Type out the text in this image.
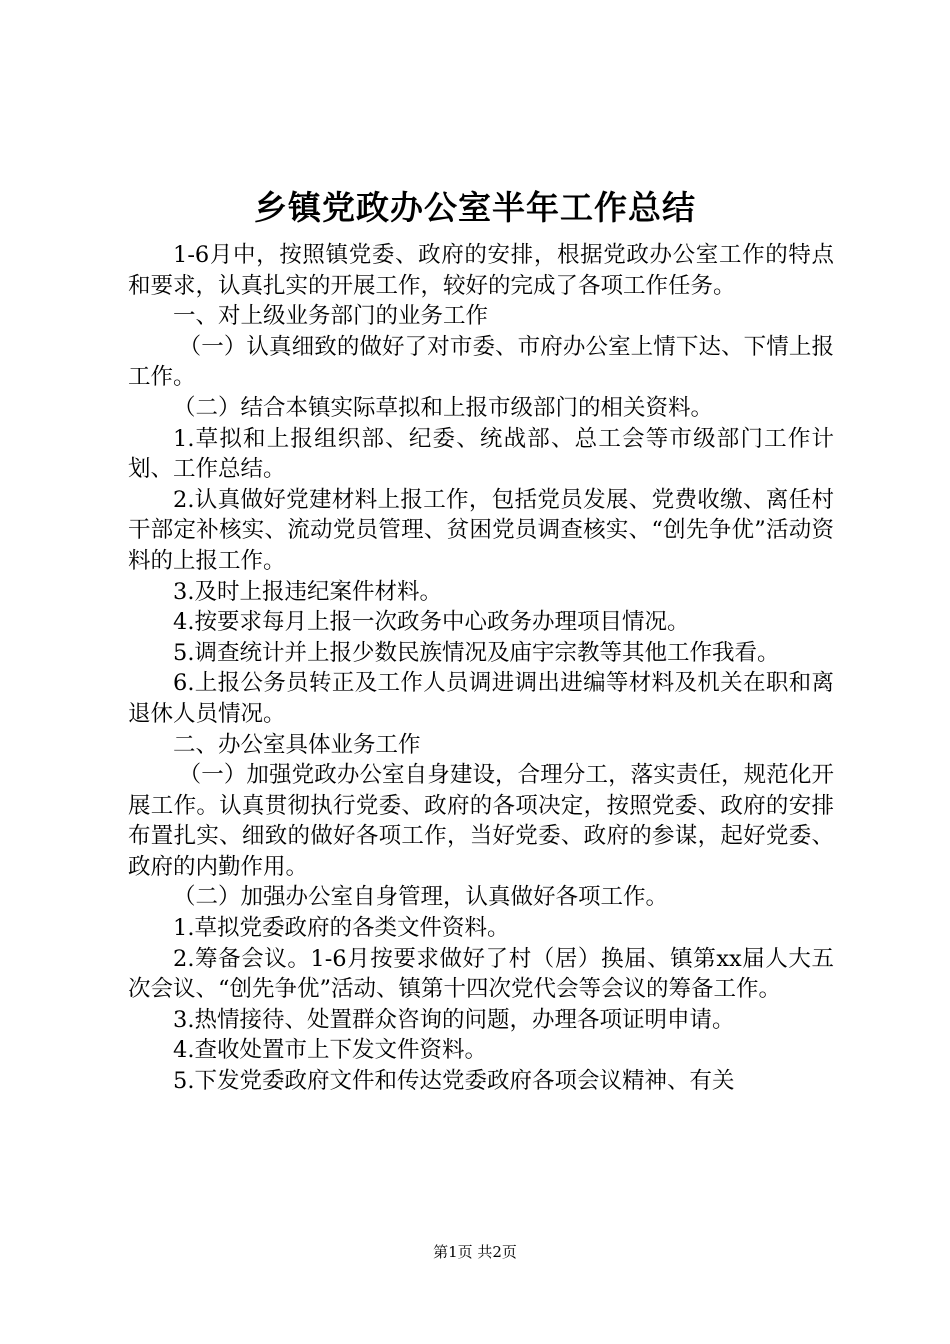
乡镇党政办公室半年工作总结

1-6月中，按照镇党委、政府的安排，根据党政办公室工作的特点和要求，认真扎实的开展工作，较好的完成了各项工作任务。

一、对上级业务部门的业务工作

（一）认真细致的做好了对市委、市府办公室上情下达、下情上报工作。

（二）结合本镇实际草拟和上报市级部门的相关资料。

1.草拟和上报组织部、纪委、统战部、总工会等市级部门工作计划、工作总结。

2.认真做好党建材料上报工作，包括党员发展、党费收缴、离任村干部定补核实、流动党员管理、贫困党员调查核实、“创先争优”活动资料的上报工作。

3.及时上报违纪案件材料。

4.按要求每月上报一次政务中心政务办理项目情况。

5.调查统计并上报少数民族情况及庙宇宗教等其他工作我看。

6.上报公务员转正及工作人员调进调出进编等材料及机关在职和离退休人员情况。

二、办公室具体业务工作

（一）加强党政办公室自身建设，合理分工，落实责任，规范化开展工作。认真贯彻执行党委、政府的各项决定，按照党委、政府的安排布置扎实、细致的做好各项工作，当好党委、政府的参谋，起好党委、政府的内勤作用。

（二）加强办公室自身管理，认真做好各项工作。

1.草拟党委政府的各类文件资料。

2.筹备会议。1-6月按要求做好了村（居）换届、镇第xx届人大五次会议、“创先争优”活动、镇第十四次党代会等会议的筹备工作。

3.热情接待、处置群众咨询的问题，办理各项证明申请。

4.查收处置市上下发文件资料。

5.下发党委政府文件和传达党委政府各项会议精神、有关

第1页 共2页
